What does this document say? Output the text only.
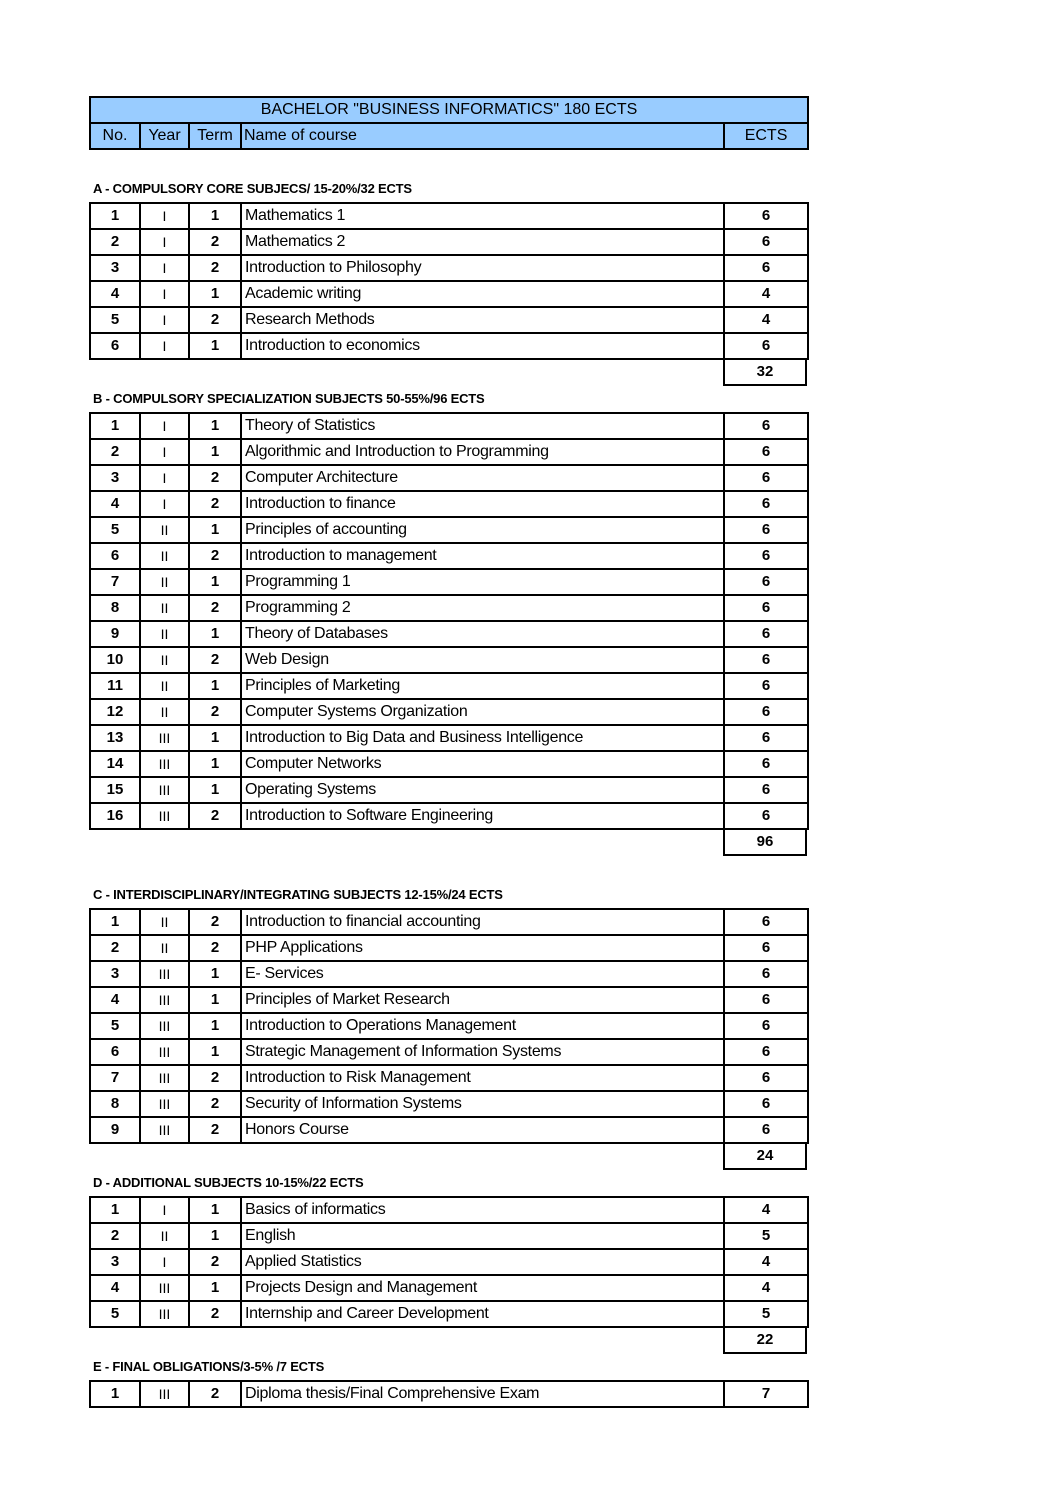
BACHELOR "BUSINESS INFORMATICS" 180 ECTS
No.	Year	Term	Name of course	ECTS
A - COMPULSORY CORE SUBJECS/ 15-20%/32 ECTS
1	I	1	Mathematics 1	6
2	I	2	Mathematics 2	6
3	I	2	Introduction to Philosophy	6
4	I	1	Academic writing	4
5	I	2	Research Methods	4
6	I	1	Introduction to economics	6
32
B - COMPULSORY SPECIALIZATION SUBJECTS 50-55%/96 ECTS
1	I	1	Theory of Statistics	6
2	I	1	Algorithmic and Introduction to Programming	6
3	I	2	Computer Architecture	6
4	I	2	Introduction to finance	6
5	II	1	Principles of accounting	6
6	II	2	Introduction to management	6
7	II	1	Programming 1	6
8	II	2	Programming 2	6
9	II	1	Theory of Databases	6
10	II	2	Web Design	6
11	II	1	Principles of Marketing	6
12	II	2	Computer Systems Organization	6
13	III	1	Introduction to Big Data and Business Intelligence	6
14	III	1	Computer Networks	6
15	III	1	Operating Systems	6
16	III	2	Introduction to Software Engineering	6
96
C - INTERDISCIPLINARY/INTEGRATING SUBJECTS 12-15%/24 ECTS
1	II	2	Introduction to financial accounting	6
2	II	2	PHP Applications	6
3	III	1	E- Services	6
4	III	1	Principles of Market Research	6
5	III	1	Introduction to Operations Management	6
6	III	1	Strategic Management of Information Systems	6
7	III	2	Introduction to Risk Management	6
8	III	2	Security of Information Systems	6
9	III	2	Honors Course	6
24
D - ADDITIONAL SUBJECTS 10-15%/22 ECTS
1	I	1	Basics of informatics	4
2	II	1	English	5
3	I	2	Applied Statistics	4
4	III	1	Projects Design and Management	4
5	III	2	Internship and Career Development	5
22
E - FINAL OBLIGATIONS/3-5% /7 ECTS
1	III	2	Diploma thesis/Final Comprehensive Exam	7
